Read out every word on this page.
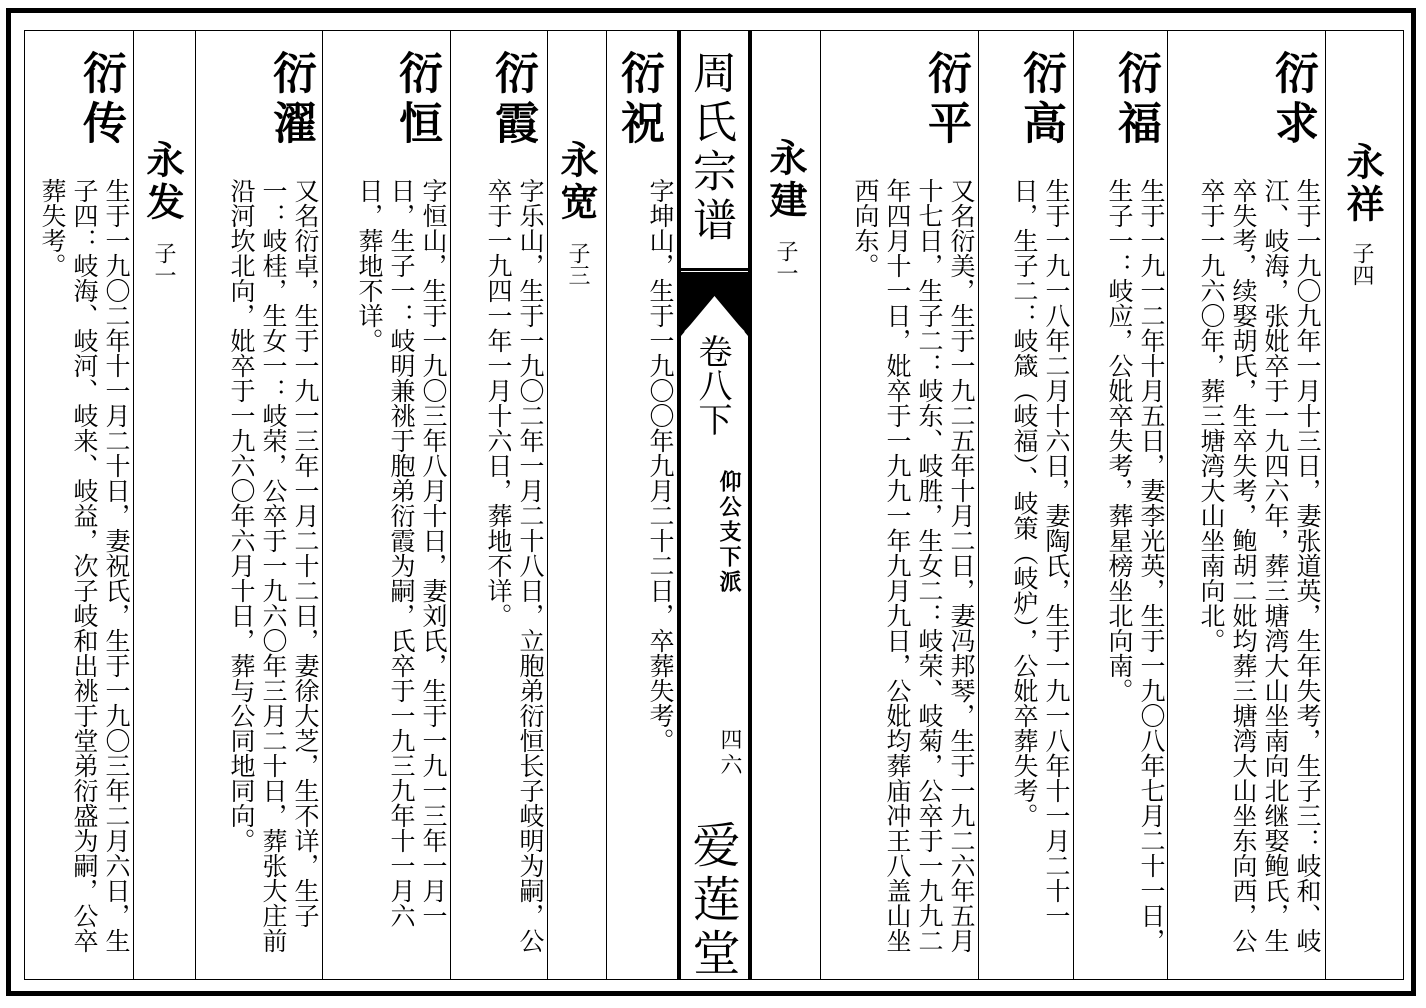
永祥
子四
衍求
生于一九〇九年一月十三日，妻张道英，生年失考，生子三：岐和、岐江、岐海，张妣卒于一九四六年，葬三塘湾大山坐南向北继娶鲍氏，生卒失考，续娶胡氏，生卒失考，鲍胡二妣均葬三塘湾大山坐东向西，公卒于一九六〇年，葬三塘湾大山坐南向北。
衍福
生于一九一二年十月五日，妻李光英，生于一九〇八年七月二十一日，生子一：岐应，公妣卒失考，葬星榜坐北向南。
衍高
生于一九一八年二月十六日，妻陶氏，生于一九一八年十一月二十一日，生子二：岐箴（岐福）、岐策（岐炉），公妣卒葬失考。
衍平
又名衍美，生于一九二五年十月二日，妻冯邦琴，生于一九二六年五月十七日，生子二：岐东、岐胜，生女二：岐荣、岐菊，公卒于一九九二年四月十一日，妣卒于一九九一年九月九日，公妣均葬庙冲王八盖山坐西向东。
永建
子一
周氏宗谱
卷八下
仰公支下派
四六
爱莲堂
衍祝
字坤山，生于一九〇〇年九月二十二日，卒葬失考。
永宽
子三
衍霞
字乐山，生于一九〇二年一月二十八日，立胞弟衍恒长子岐明为嗣，公卒于一九四一年一月十六日，葬地不详。
衍恒
字恒山，生于一九〇三年八月十日，妻刘氏，生于一九一三年一月一日，生子一：岐明兼祧于胞弟衍霞为嗣，氏卒于一九三九年十一月六日，葬地不详。
衍濯
又名衍卓，生于一九一三年一月二十二日，妻徐大芝，生不详，生子一：岐桂，生女一：岐荣，公卒于一九六〇年三月二十日，葬张大庄前沿河坎北向，妣卒于一九六〇年六月十日，葬与公同地同向。
永发
子一
衍传
生于一九〇二年十一月二十日，妻祝氏，生于一九〇三年二月六日，生子四：岐海、岐河、岐来、岐益，次子岐和出祧于堂弟衍盛为嗣，公卒葬失考。
